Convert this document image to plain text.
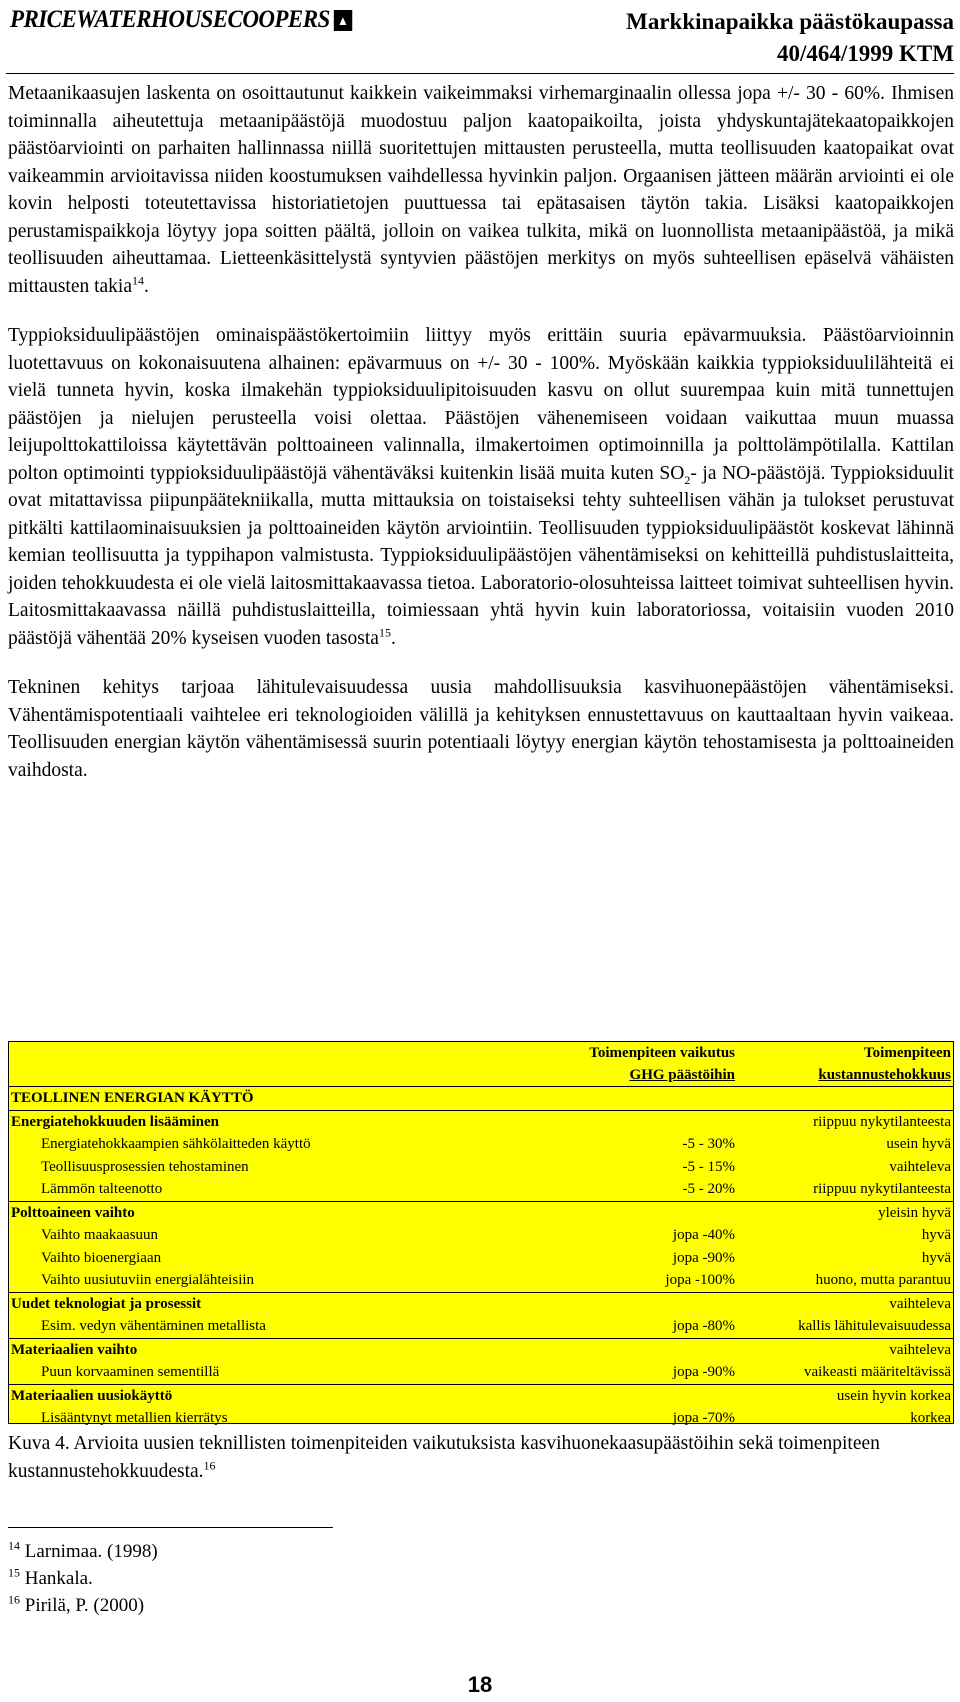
PRICEWATERHOUSECOOPERS ▲	Markkinapaikka päästökaupassa
40/464/1999 KTM

Metaanikaasujen laskenta on osoittautunut kaikkein vaikeimmaksi virhemarginaalin ollessa jopa +/- 30 - 60%. Ihmisen toiminnalla aiheutettuja metaanipäästöjä muodostuu paljon kaatopaikoilta, joista yhdyskuntajätekaatopaikkojen päästöarviointi on parhaiten hallinnassa niillä suoritettujen mittausten perusteella, mutta teollisuuden kaatopaikat ovat vaikeammin arvioitavissa niiden koostumuksen vaihdellessa hyvinkin paljon. Orgaanisen jätteen määrän arviointi ei ole kovin helposti toteutettavissa historiatietojen puuttuessa tai epätasaisen täytön takia. Lisäksi kaatopaikkojen perustamispaikkoja löytyy jopa soitten päältä, jolloin on vaikea tulkita, mikä on luonnollista metaanipäästöä, ja mikä teollisuuden aiheuttamaa. Lietteenkäsittelystä syntyvien päästöjen merkitys on myös suhteellisen epäselvä vähäisten mittausten takia$^{14}$.

Typpioksiduulipäästöjen ominaispäästökertoimiin liittyy myös erittäin suuria epävarmuuksia. Päästöarvioinnin luotettavuus on kokonaisuutena alhainen: epävarmuus on +/- 30 - 100%. Myöskään kaikkia typpioksiduulilähteitä ei vielä tunneta hyvin, koska ilmakehän typpioksiduulipitoisuuden kasvu on ollut suurempaa kuin mitä tunnettujen päästöjen ja nielujen perusteella voisi olettaa. Päästöjen vähenemiseen voidaan vaikuttaa muun muassa leijupolttokattiloissa käytettävän polttoaineen valinnalla, ilmakertoimen optimoinnilla ja polttolämpötilalla. Kattilan polton optimointi typpioksiduulipäästöjä vähentäväksi kuitenkin lisää muita kuten $SO_2-$ ja NO-päästöjä. Typpioksiduulit ovat mitattavissa piipunpäätekniikalla, mutta mittauksia on toistaiseksi tehty suhteellisen vähän ja tulokset perustuvat pitkälti kattilaominaisuuksien ja polttoaineiden käytön arviointiin. Teollisuuden typpioksiduulipäästöt koskevat lähinnä kemian teollisuutta ja typpihapon valmistusta. Typpioksiduulipäästöjen vähentämiseksi on kehitteillä puhdistuslaitteita, joiden tehokkuudesta ei ole vielä laitosmittakaavassa tietoa. Laboratorio-olosuhteissa laitteet toimivat suhteellisen hyvin. Laitosmittakaavassa näillä puhdistuslaitteilla, toimiessaan yhtä hyvin kuin laboratoriossa, voitaisiin vuoden 2010 päästöjä vähentää 20% kyseisen vuoden tasosta$^{15}$.

Tekninen kehitys tarjoaa lähitulevaisuudessa uusia mahdollisuuksia kasvihuonepäästöjen vähentämiseksi. Vähentämispotentiaali vaihtelee eri teknologioiden välillä ja kehityksen ennustettavuus on kauttaaltaan hyvin vaikeaa. Teollisuuden energian käytön vähentämisessä suurin potentiaali löytyy energian käytön tehostamisesta ja polttoaineiden vaihdosta.

	Toimenpiteen vaikutus	Toimenpiteen
	GHG päästöihin	kustannustehokkuus
TEOLLINEN ENERGIAN KÄYTTÖ		
Energiatehokkuuden lisääminen		riippuu nykytilanteesta
Energiatehokkaampien sähkölaitteden käyttö	-5 - 30%	usein hyvä
Teollisuusprosessien tehostaminen	-5 - 15%	vaihteleva
Lämmön talteenotto	-5 - 20%	riippuu nykytilanteesta
Polttoaineen vaihto		yleisin hyvä
Vaihto maakaasuun	jopa -40%	hyvä
Vaihto bioenergiaan	jopa -90%	hyvä
Vaihto uusiutuviin energialähteisiin	jopa -100%	huono, mutta parantuu
Uudet teknologiat ja prosessit		vaihteleva
Esim. vedyn vähentäminen metallista	jopa -80%	kallis lähitulevaisuudessa
Materiaalien vaihto		vaihteleva
Puun korvaaminen sementillä	jopa -90%	vaikeasti määriteltävissä
Materiaalien uusiokäyttö		usein hyvin korkea
Lisääntynyt metallien kierrätys	jopa -70%	korkea
Kuva 4. Arvioita uusien teknillisten toimenpiteiden vaikutuksista kasvihuonekaasupäästöihin sekä toimenpiteen kustannustehokkuudesta.$^{16}$
$^{14}$ Larnimaa. (1998)
$^{15}$ Hankala.
$^{16}$ Pirilä, P. (2000)
18
